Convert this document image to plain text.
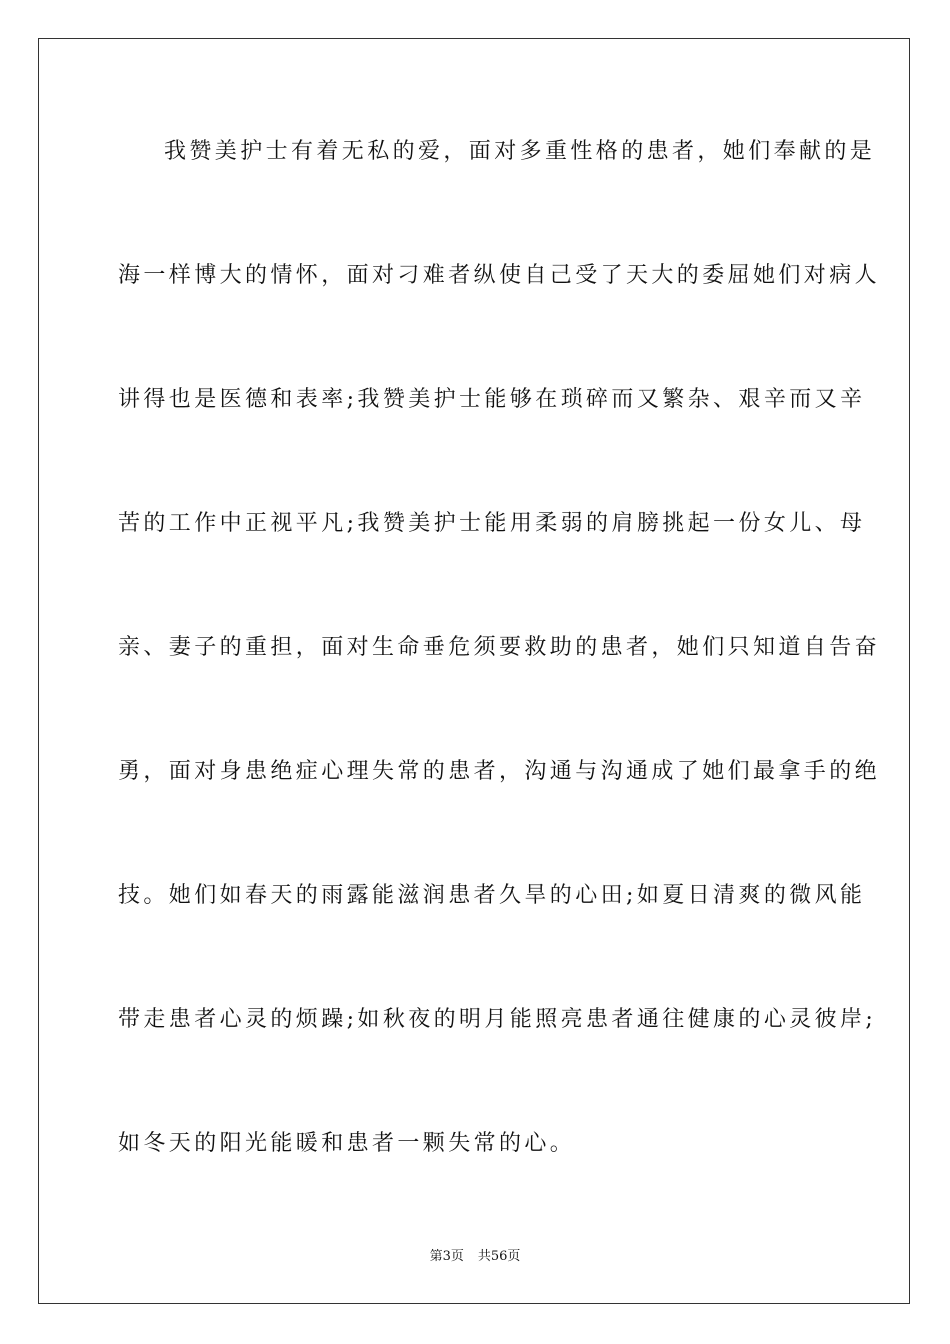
我赞美护士有着无私的爱，面对多重性格的患者，她们奉献的是
海一样博大的情怀，面对刁难者纵使自己受了天大的委屈她们对病人
讲得也是医德和表率;我赞美护士能够在琐碎而又繁杂、艰辛而又辛
苦的工作中正视平凡;我赞美护士能用柔弱的肩膀挑起一份女儿、母
亲、妻子的重担，面对生命垂危须要救助的患者，她们只知道自告奋
勇，面对身患绝症心理失常的患者，沟通与沟通成了她们最拿手的绝
技。她们如春天的雨露能滋润患者久旱的心田;如夏日清爽的微风能
带走患者心灵的烦躁;如秋夜的明月能照亮患者通往健康的心灵彼岸;
如冬天的阳光能暖和患者一颗失常的心。
第3页 共56页
